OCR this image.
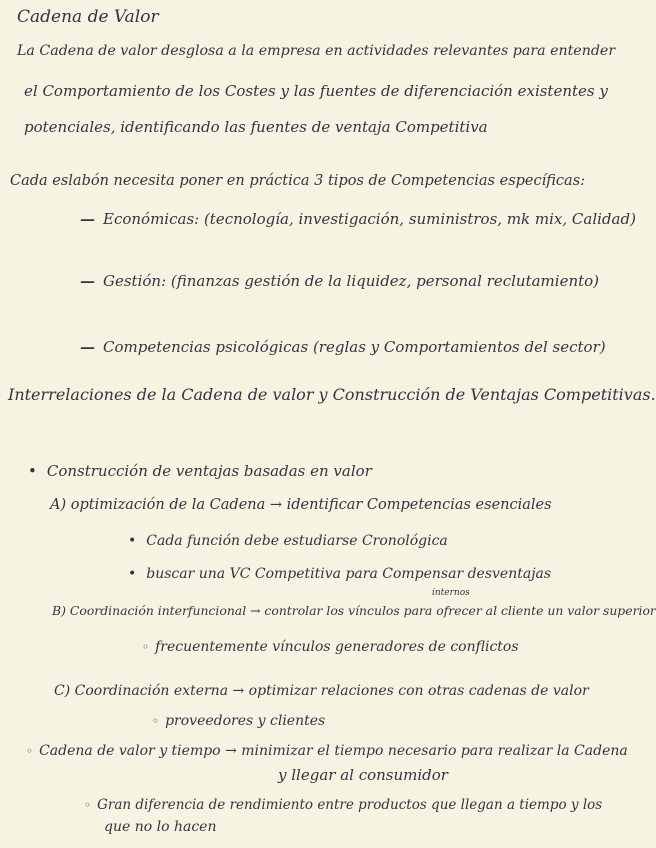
Cadena de Valor
La Cadena de valor desglosa a la empresa en actividades relevantes para entender
el Comportamiento de los Costes y las fuentes de diferenciación existentes y
potenciales, identificando las fuentes de ventaja Competitiva
Cada eslabón necesita poner en práctica 3 tipos de Competencias específicas:
— Económicas: (tecnología, investigación, suministros, mk mix, Calidad)
— Gestión: (finanzas gestión de la liquidez, personal reclutamiento)
— Competencias psicológicas (reglas y Comportamientos del sector)
Interrelaciones de la Cadena de valor y Construcción de Ventajas Competitivas.
• Construcción de ventajas basadas en valor
A) optimización de la Cadena → identificar Competencias esenciales
• Cada función debe estudiarse Cronológica
• buscar una VC Competitiva para Compensar desventajas
internos
B) Coordinación interfuncional → controlar los vínculos para ofrecer al cliente un valor superior
◦ frecuentemente vínculos generadores de conflictos
C) Coordinación externa → optimizar relaciones con otras cadenas de valor
◦ proveedores y clientes
◦ Cadena de valor y tiempo → minimizar el tiempo necesario para realizar la Cadena
y llegar al consumidor
◦ Gran diferencia de rendimiento entre productos que llegan a tiempo y los
que no lo hacen
